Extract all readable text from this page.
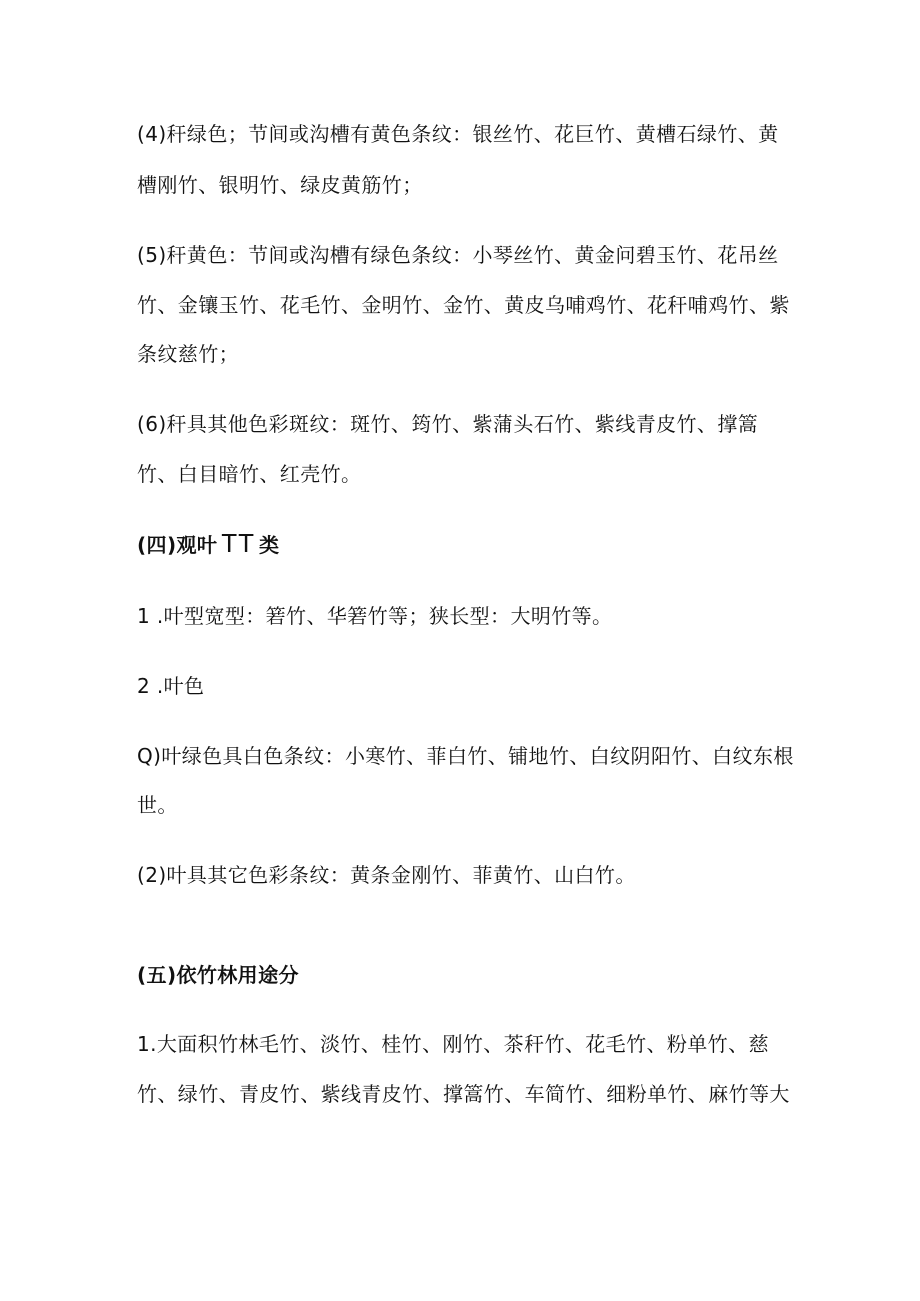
(4)秆绿色；节间或沟槽有黄色条纹：银丝竹、花巨竹、黄槽石绿竹、黄
槽刚竹、银明竹、绿皮黄筋竹；
(5)秆黄色：节间或沟槽有绿色条纹：小琴丝竹、黄金问碧玉竹、花吊丝
竹、金镶玉竹、花毛竹、金明竹、金竹、黄皮乌哺鸡竹、花秆哺鸡竹、紫
条纹慈竹；
(6)秆具其他色彩斑纹：斑竹、筠竹、紫蒲头石竹、紫线青皮竹、撑篙
竹、白目暗竹、红壳竹。
(四)观叶 TT 类
1 .叶型宽型：箬竹、华箬竹等；狭长型：大明竹等。
2 .叶色
Q)叶绿色具白色条纹：小寒竹、菲白竹、铺地竹、白纹阴阳竹、白纹东根
世。
(2)叶具其它色彩条纹：黄条金刚竹、菲黄竹、山白竹。
(五)依竹林用途分
1.大面积竹林毛竹、淡竹、桂竹、刚竹、茶秆竹、花毛竹、粉单竹、慈
竹、绿竹、青皮竹、紫线青皮竹、撑篙竹、车简竹、细粉单竹、麻竹等大
